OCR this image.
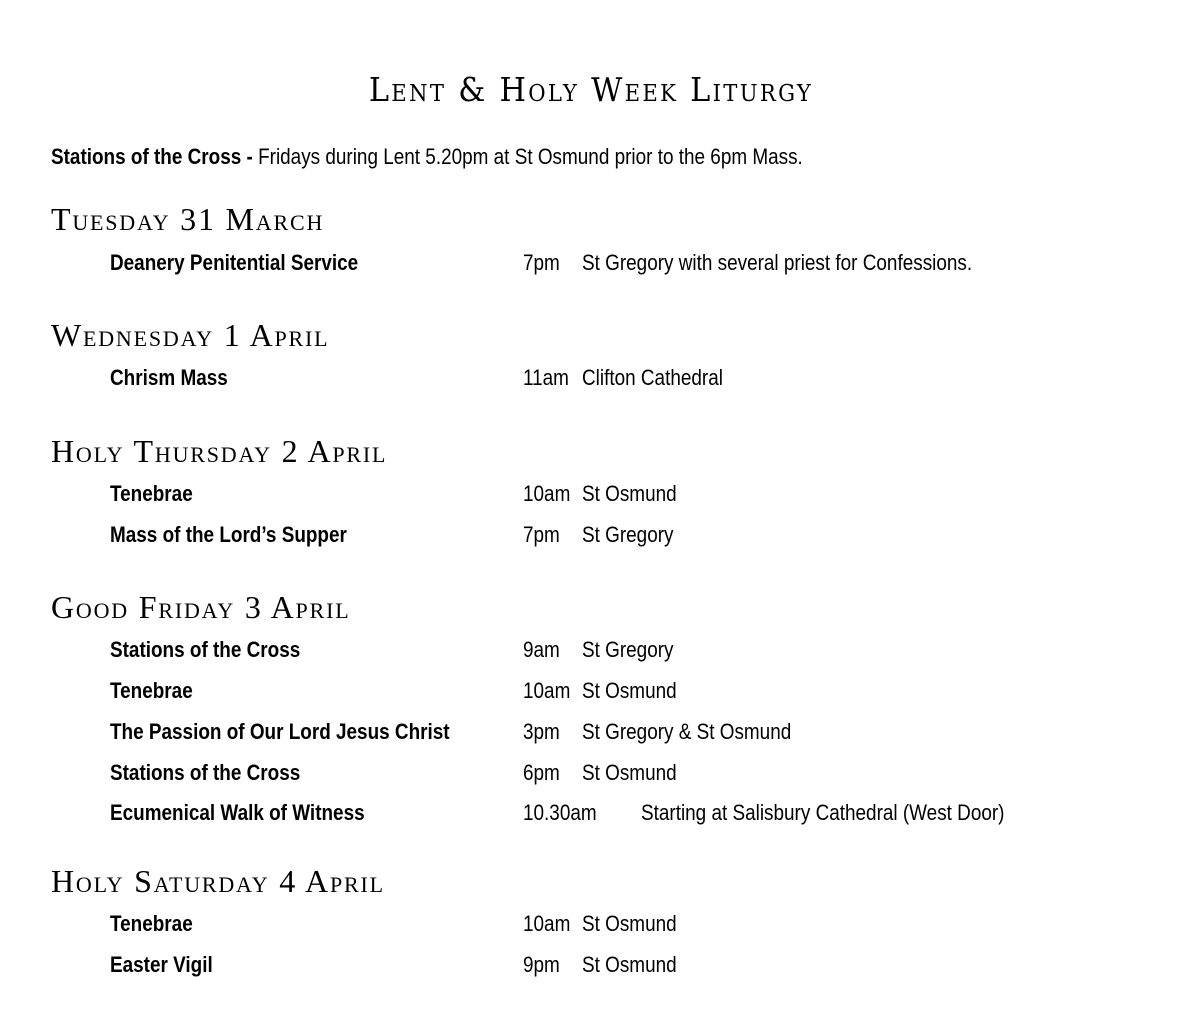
Lent & Holy Week Liturgy
Stations of the Cross - Fridays during Lent 5.20pm at St Osmund prior to the 6pm Mass.
Tuesday 31 March
Deanery Penitential Service	7pm St Gregory with several priest for Confessions.
Wednesday 1 April
Chrism Mass	11am Clifton Cathedral
Holy Thursday 2 April
Tenebrae	10am St Osmund
Mass of the Lord’s Supper	7pm St Gregory
Good Friday 3 April
Stations of the Cross	9am St Gregory
Tenebrae	10am St Osmund
The Passion of Our Lord Jesus Christ	3pm St Gregory & St Osmund
Stations of the Cross	6pm St Osmund
Ecumenical Walk of Witness	10.30am Starting at Salisbury Cathedral (West Door)
Holy Saturday 4 April
Tenebrae	10am St Osmund
Easter Vigil	9pm St Osmund
